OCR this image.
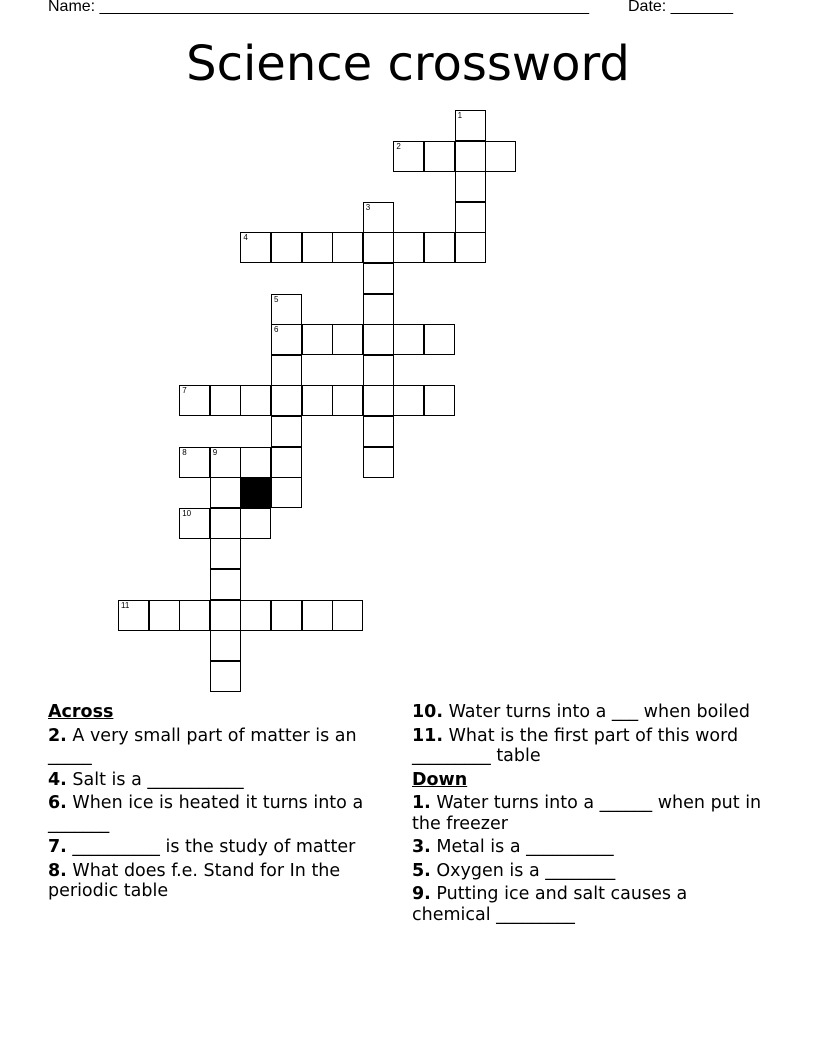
Name: _______________________________________________________ Date: _______
Science crossword
1
2
3
4
5
6
7
8	9
10
11
Across
2. A very small part of matter is an _____
4. Salt is a ___________
6. When ice is heated it turns into a _______
7. __________ is the study of matter
8. What does f.e. Stand for In the periodic table
10. Water turns into a ___ when boiled
11. What is the first part of this word _________ table
Down
1. Water turns into a ______ when put in the freezer
3. Metal is a __________
5. Oxygen is a ________
9. Putting ice and salt causes a chemical _________
